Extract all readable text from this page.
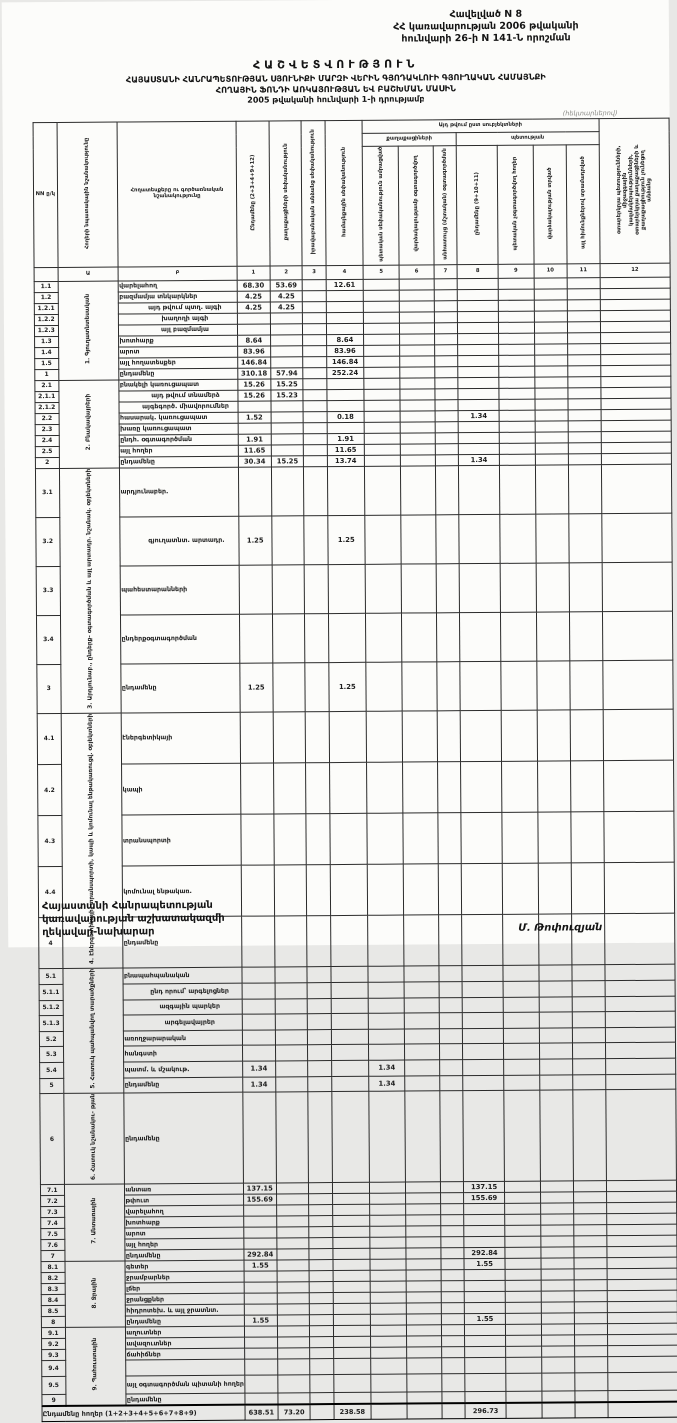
Հավելված N 8
ՀՀ կառավարության 2006 թվականի
հունվարի 26-ի N 141-Ն որոշման
ՀԱՇՎԵՏՎՈՒԹՅՈՒՆ
ՀԱՅԱՍՏԱՆԻ ՀԱՆՐԱՊԵՏՈՒԹՅԱՆ ՍՅՈՒՆԻՔԻ ՄԱՐԶԻ ՎԵՐԻՆ ԳՅՈԴԱԿԼՈՒԻ ԳՅՈՒՂԱԿԱՆ ՀԱՄԱՅՆՔԻ
ՀՈՂԱՅԻՆ ՖՈՆԴԻ ԱՌԿԱՅՈՒԹՅԱՆ ԵՎ ԲԱՇԽՄԱՆ ՄԱՍԻՆ
2005 թվականի հունվարի 1-ի դրությամբ
(հեկտարներով)
NN ը/կ	Հողերի նպատակային նշանակությունը	Հողատեսքերը ու գործառնական նշանակությունը	Ընդամենը (2+3+4+9+12)	քաղաքացիների սեփականություն	իրավաբանական անձանց սեփականություն	համայնքային սեփականություն	Այդ թվում ըստ սուբյեկտների							օտարերկրյա պետությունների, միջազգային կազմակերպությունների, օտարերկրյա քաղաքացիների և քաղաքացիություն չունեցող անձանց
							քաղաքացիների			պետության				
							պետական սեփականություն ամրացված	վարձակալությամբ օգտագործվող	անհատույց (մշտական) օգտագործման	ընդամենը (9+10+11)	պետական չօգտագործվող հողեր	վարձակալության տրված	այլ հիմունքներով տրամադրված	
	Ա	Բ	1	2	3	4	5	6	7	8	9	10	11	12
1.1	1. Գյուղատնտեսական	վարելահող	68.30	53.69		12.61								
1.2		բազմամյա տնկարկներ	4.25	4.25										
1.2.1		այդ թվում պտղ. այգի	4.25	4.25										
1.2.2		խաղողի այգի												
1.2.3		այլ բազմամյա												
1.3		խոտհարք	8.64			8.64								
1.4		արոտ	83.96			83.96								
1.5		այլ հողատեսքեր	146.84			146.84								
1		ընդամենը	310.18	57.94		252.24								
2.1	2. Բնակավայրերի	բնակելի կառուցապատ	15.26	15.25										
2.1.1		այդ թվում տնամերձ	15.26	15.23										
2.1.2		այգեգործ. միավորումներ												
2.2		հասարակ. կառուցապատ	1.52			0.18				1.34				
2.3		խառը կառուցապատ												
2.4		ընդհ. օգտագործման	1.91			1.91								
2.5		այլ հողեր	11.65			11.65								
2		ընդամենը	30.34	15.25		13.74				1.34				
3.1	3. Արդյունաբ., ընդերք- օգտագործման և այլ արտադր. նշանակ. օբյեկտների	արդյունաբեր.												
3.2		գյուղատնտ. արտադր.	1.25			1.25								
3.3		պահեստարանների												
3.4		ընդերքօգտագործման												
3		ընդամենը	1.25			1.25								
4.1	4. Էներգետիկայի, տրանսպորտի, կապի և կոմունալ ենթակառուցվ. օբյեկտների	էներգետիկայի												
4.2		կապի												
4.3		տրանսպորտի												
4.4		կոմունալ ենթակառ.												
4		ընդամենը												
5.1	5. Հատուկ պահպանվող տարածքների	բնապահպանական												
5.1.1		ընդ որում՝ արգելոցներ												
5.1.2		ազգային պարկեր												
5.1.3		արգելավայրեր												
5.2		առողջարարական												
5.3		հանգստի												
5.4		պատմ. և մշակութ.	1.34				1.34							
5		ընդամենը	1.34				1.34							
6	6. Հատուկ նշանակու- թյան	ընդամենը												
7.1	7. Անտառային	անտառ	137.15							137.15				
7.2		թփուտ	155.69							155.69				
7.3		վարելահող												
7.4		խոտհարք												
7.5		արոտ												
7.6		այլ հողեր												
7		ընդամենը	292.84							292.84				
8.1	8. Ջրային	գետեր	1.55							1.55				
8.2		ջրամբարներ												
8.3		լճեր												
8.4		ջրանցքներ												
8.5		հիդրոտեխ. և այլ ջրատնտ.												
8		ընդամենը	1.55							1.55				
9.1	9. Պահուստային	աղուտներ												
9.2		ավազուտներ												
9.3		ճահիճներ												
9.4														
9.5		այլ օգտագործման պիտանի հողեր												
9		ընդամենը												
Ընդամենը հողեր (1+2+3+4+5+6+7+8+9)			638.51	73.20		238.58				296.73				
Հայաստանի Հանրապետության
կառավարության աշխատակազմի
ղեկավար-նախարար	Մ. Թոփուզյան
